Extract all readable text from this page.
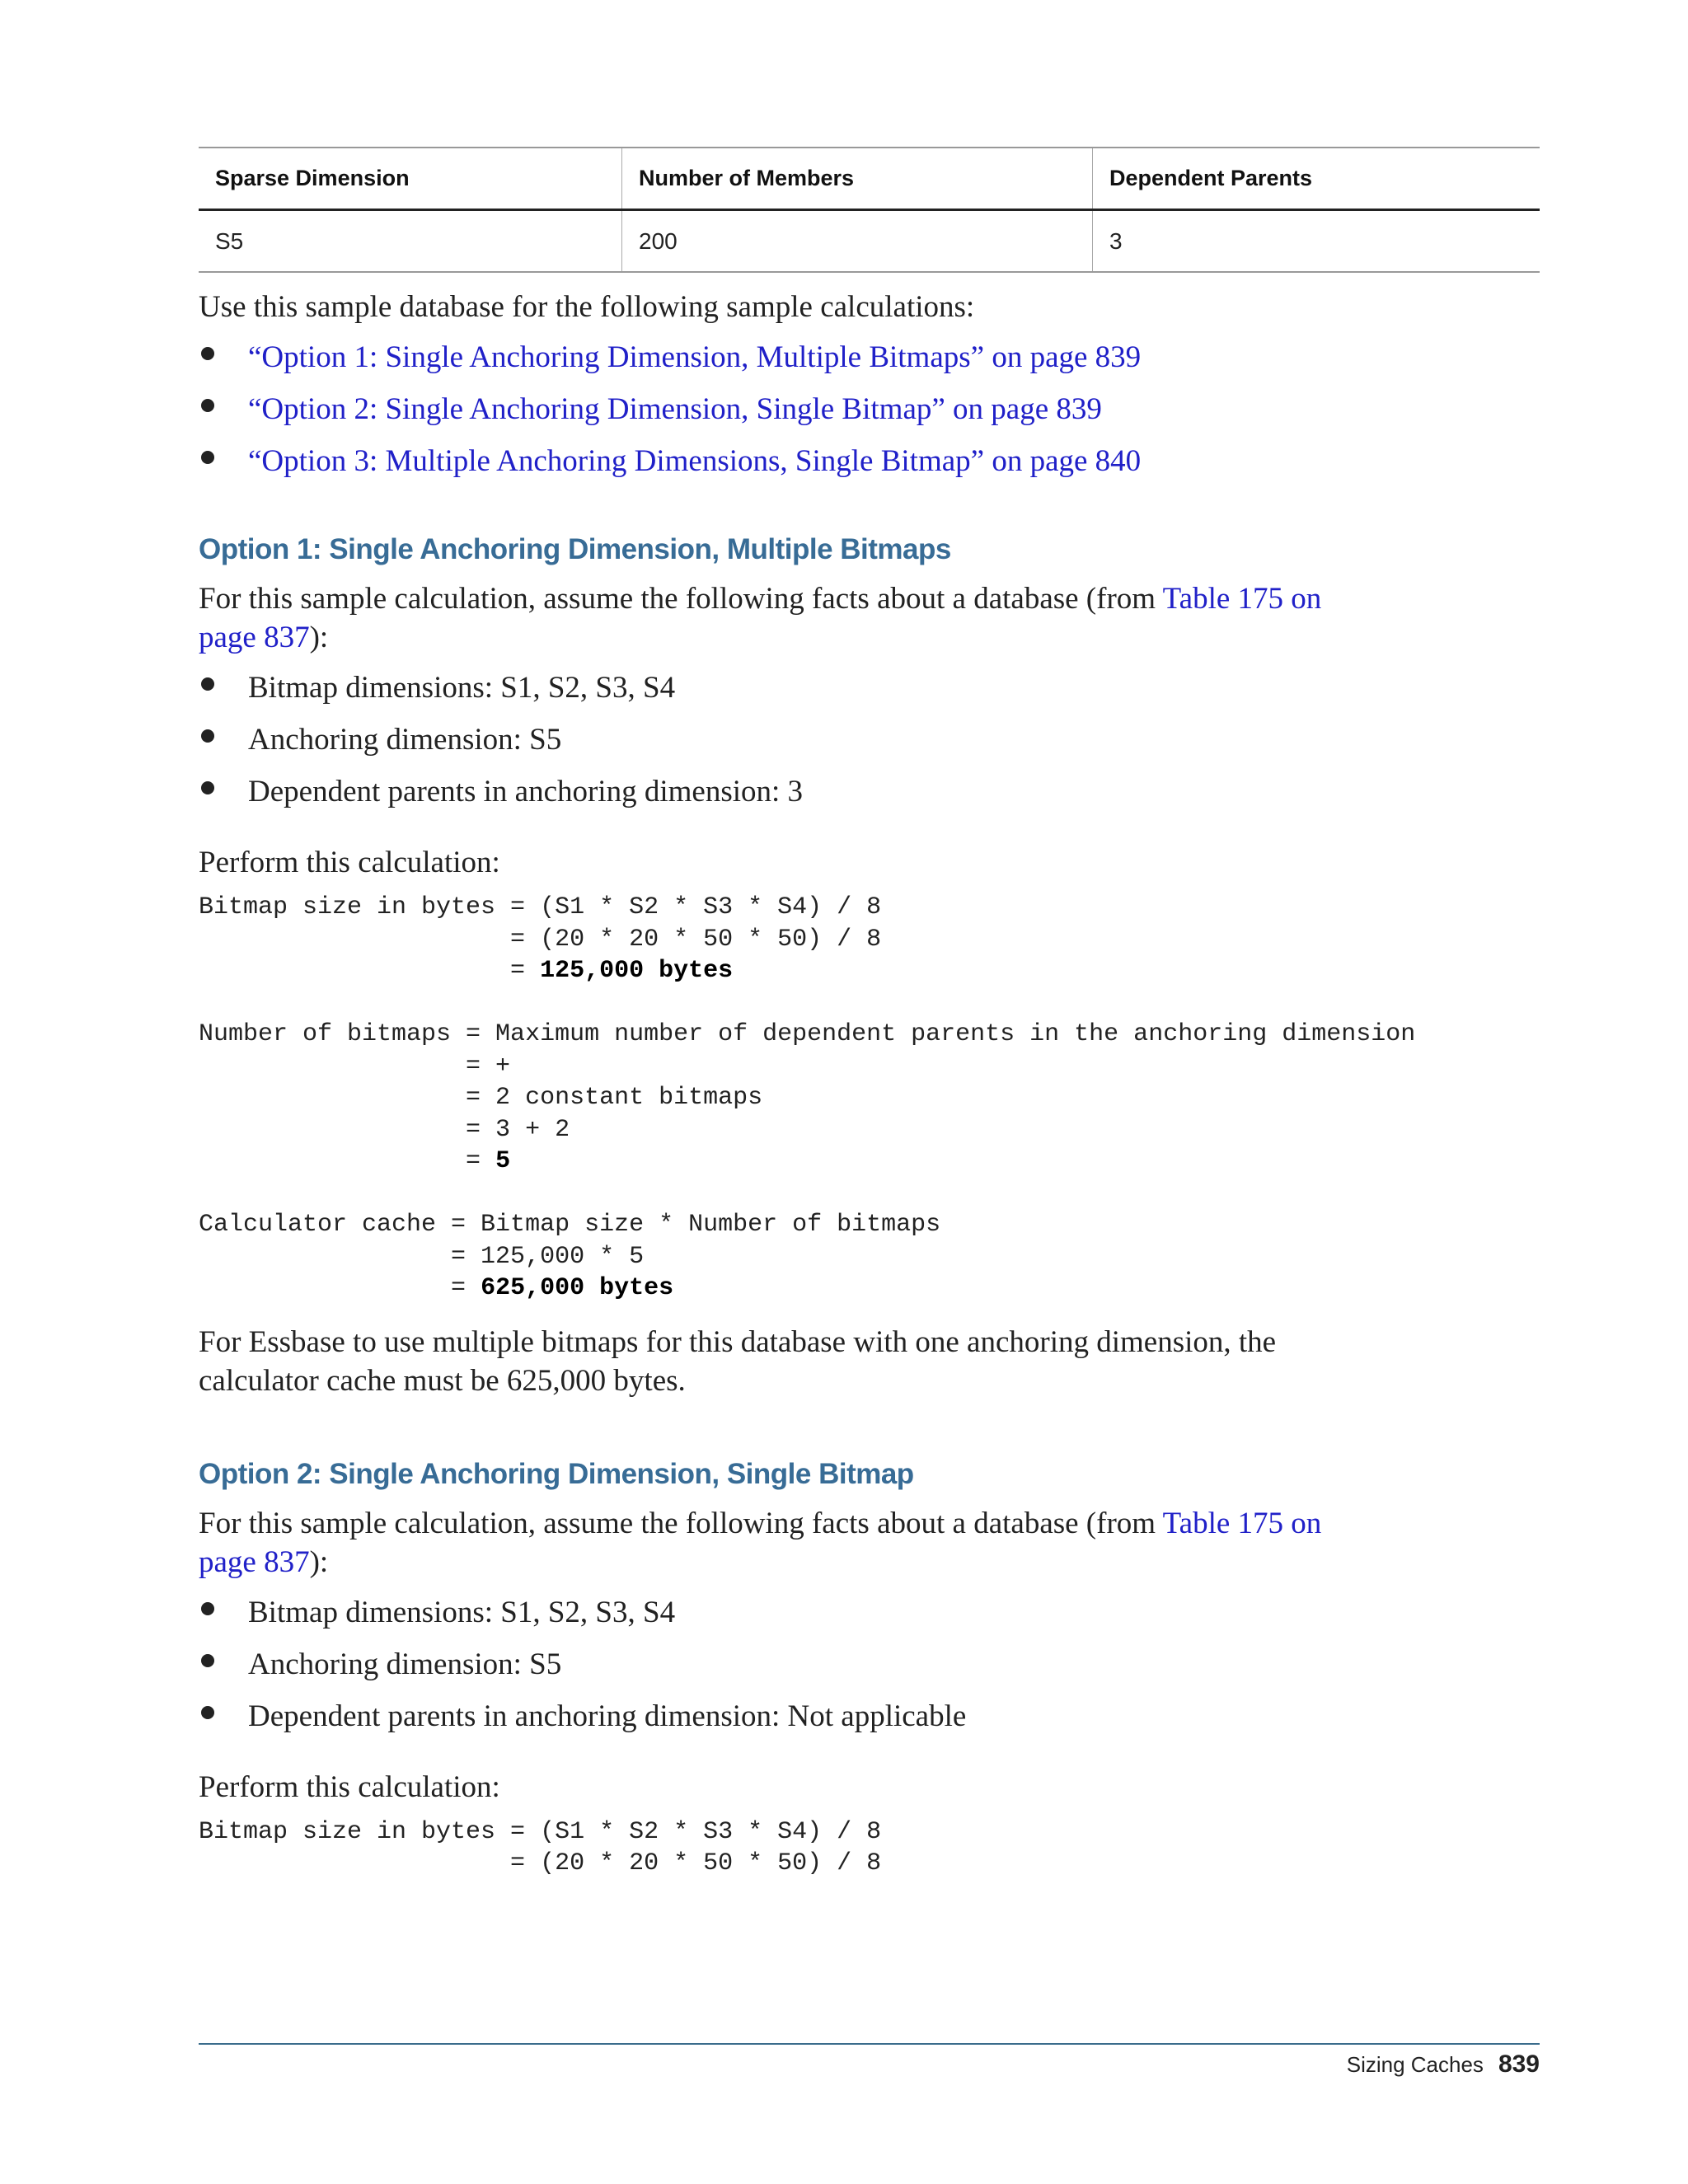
Sparse Dimension	Number of Members	Dependent Parents
S5	200	3

Use this sample database for the following sample calculations:

“Option 1: Single Anchoring Dimension, Multiple Bitmaps” on page 839
“Option 2: Single Anchoring Dimension, Single Bitmap” on page 839
“Option 3: Multiple Anchoring Dimensions, Single Bitmap” on page 840
Option 1: Single Anchoring Dimension, Multiple Bitmaps

For this sample calculation, assume the following facts about a database (from Table 175 on page 837):

Bitmap dimensions: S1, S2, S3, S4
Anchoring dimension: S5
Dependent parents in anchoring dimension: 3

Perform this calculation:

Bitmap size in bytes = (S1 * S2 * S3 * S4) / 8
= (20 * 20 * 50 * 50) / 8
= 125,000 bytes

Number of bitmaps = Maximum number of dependent parents in the anchoring dimension
= +
= 2 constant bitmaps
= 3 + 2
= 5

Calculator cache = Bitmap size * Number of bitmaps
= 125,000 * 5
= 625,000 bytes

For Essbase to use multiple bitmaps for this database with one anchoring dimension, the calculator cache must be 625,000 bytes.

Option 2: Single Anchoring Dimension, Single Bitmap

For this sample calculation, assume the following facts about a database (from Table 175 on page 837):

Bitmap dimensions: S1, S2, S3, S4
Anchoring dimension: S5
Dependent parents in anchoring dimension: Not applicable

Perform this calculation:

Bitmap size in bytes = (S1 * S2 * S3 * S4) / 8
= (20 * 20 * 50 * 50) / 8
Sizing Caches 839
